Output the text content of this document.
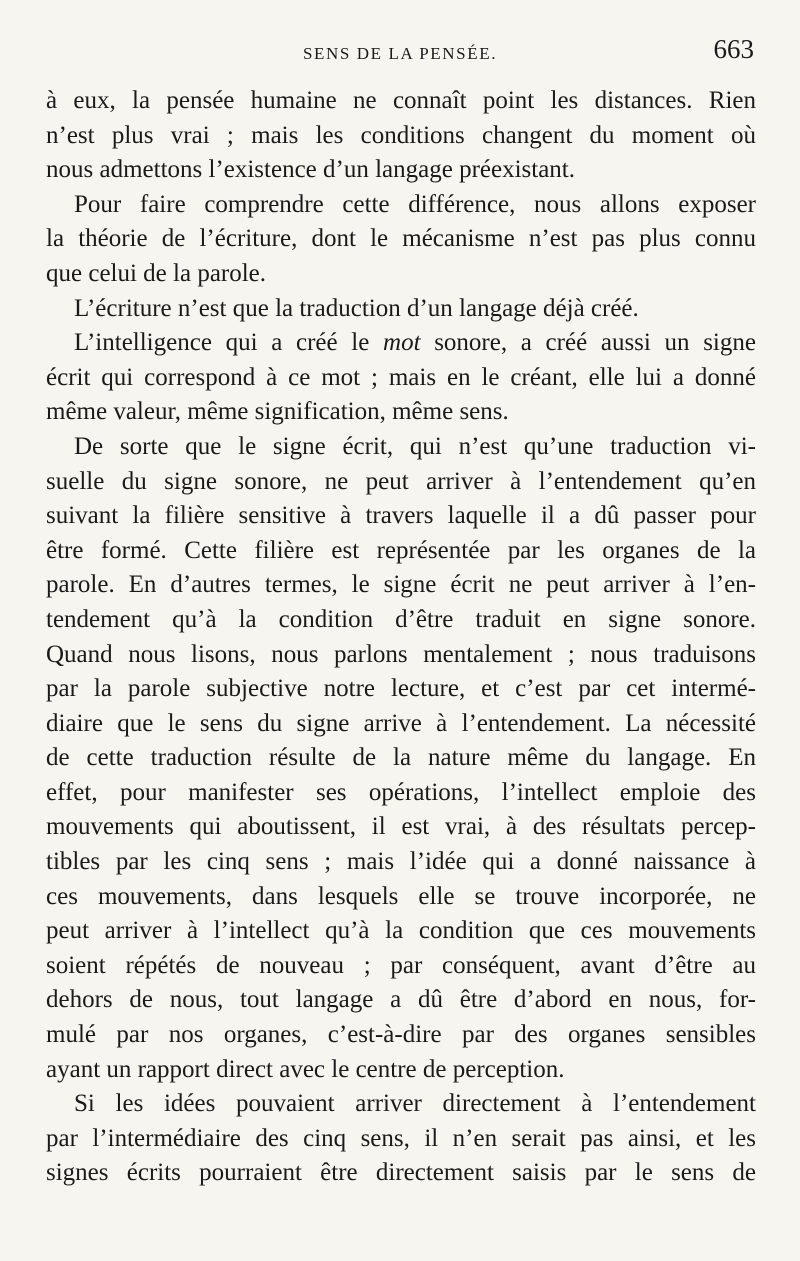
SENS DE LA PENSÉE.	663

à eux, la pensée humaine ne connaît point les distances. Rien
n’est plus vrai ; mais les conditions changent du moment où
nous admettons l’existence d’un langage préexistant.

Pour faire comprendre cette différence, nous allons exposer
la théorie de l’écriture, dont le mécanisme n’est pas plus connu
que celui de la parole.

L’écriture n’est que la traduction d’un langage déjà créé.

L’intelligence qui a créé le mot sonore, a créé aussi un signe
écrit qui correspond à ce mot ; mais en le créant, elle lui a donné
même valeur, même signification, même sens.

De sorte que le signe écrit, qui n’est qu’une traduction vi-
suelle du signe sonore, ne peut arriver à l’entendement qu’en
suivant la filière sensitive à travers laquelle il a dû passer pour
être formé. Cette filière est représentée par les organes de la
parole. En d’autres termes, le signe écrit ne peut arriver à l’en-
tendement qu’à la condition d’être traduit en signe sonore.
Quand nous lisons, nous parlons mentalement ; nous traduisons
par la parole subjective notre lecture, et c’est par cet intermé-
diaire que le sens du signe arrive à l’entendement. La nécessité
de cette traduction résulte de la nature même du langage. En
effet, pour manifester ses opérations, l’intellect emploie des
mouvements qui aboutissent, il est vrai, à des résultats percep-
tibles par les cinq sens ; mais l’idée qui a donné naissance à
ces mouvements, dans lesquels elle se trouve incorporée, ne
peut arriver à l’intellect qu’à la condition que ces mouvements
soient répétés de nouveau ; par conséquent, avant d’être au
dehors de nous, tout langage a dû être d’abord en nous, for-
mulé par nos organes, c’est-à-dire par des organes sensibles
ayant un rapport direct avec le centre de perception.

Si les idées pouvaient arriver directement à l’entendement
par l’intermédiaire des cinq sens, il n’en serait pas ainsi, et les
signes écrits pourraient être directement saisis par le sens de
